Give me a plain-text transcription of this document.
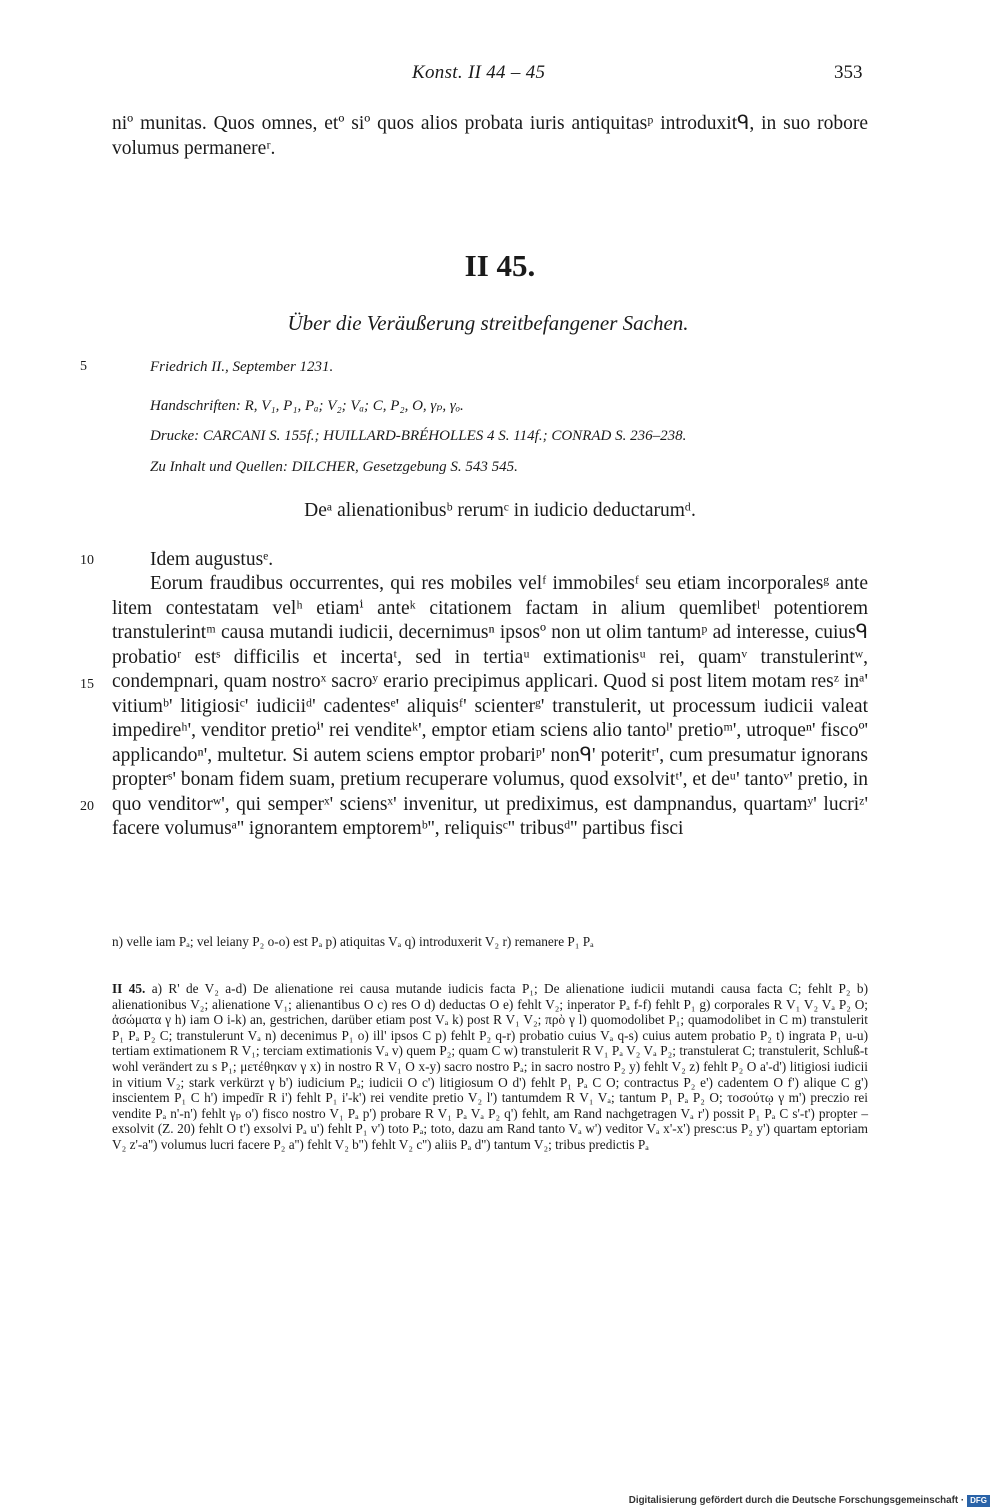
Konst. II 44 – 45	353

niº munitas. Quos omnes, etº siº quos alios probata iuris antiquitasᵖ introduxitᑫ, in suo robore volumus permanereʳ.

II 45.
Über die Veräußerung streitbefangener Sachen.
5	Friedrich II., September 1231.
Handschriften: R, V₁, P₁, Pₐ; V₂; Vₐ; C, P₂, O, γₚ, γₒ.
Drucke: CARCANI S. 155f.; HUILLARD-BRÉHOLLES 4 S. 114f.; CONRAD S. 236–238.
Zu Inhalt und Quellen: DILCHER, Gesetzgebung S. 543 545.
Deᵃ alienationibusᵇ rerumᶜ in iudicio deductarumᵈ.
10	Idem augustusᵉ.
15
20

Eorum fraudibus occurrentes, qui res mobiles velᶠ immobilesᶠ seu etiam incorporalesᵍ ante litem contestatam velʰ etiamⁱ anteᵏ citationem factam in alium quemlibetˡ potentiorem transtulerintᵐ causa mutandi iudicii, decernimusⁿ ipsosº non ut olim tantumᵖ ad interesse, cuiusᑫ probatioʳ estˢ difficilis et incertaᵗ, sed in tertiaᵘ extimationisᵘ rei, quamᵛ transtulerintʷ, condempnari, quam nostroˣ sacroʸ erario precipimus applicari. Quod si post litem motam resᶻ inᵃ' vitiumᵇ' litigiosiᶜ' iudiciiᵈ' cadentesᵉ' aliquisᶠ' scienterᵍ' transtulerit, ut processum iudicii valeat impedireʰ', venditor pretioⁱ' rei venditeᵏ', emptor etiam sciens alio tantoˡ' pretioᵐ', utroqueⁿ' fiscoº' applicandoⁿ', multetur. Si autem sciens emptor probariᵖ' nonᑫ' poteritʳ', cum presumatur ignorans propterˢ' bonam fidem suam, pretium recuperare volumus, quod exsolvitᵗ', et deᵘ' tantoᵛ' pretio, in quo venditorʷ', qui semperˣ' sciensˣ' invenitur, ut prediximus, est dampnandus, quartamʸ' lucriᶻ' facere volumusᵃ'' ignorantem emptoremᵇ'', reliquisᶜ'' tribusᵈ'' partibus fisci

n) velle iam Pₐ; vel leiany P₂ o-o) est Pₐ p) atiquitas Vₐ q) introduxerit V₂ r) remanere P₁ Pₐ

II 45. a) R' de V₂ a-d) De alienatione rei causa mutande iudicis facta P₁; De alienatione iudicii mutandi causa facta C; fehlt P₂ b) alienationibus V₂; alienatione V₁; alienantibus O c) res O d) deductas O e) fehlt V₂; inperator Pₐ f-f) fehlt P₁ g) corporales R V₁ V₂ Vₐ P₂ O; ἀσώματα γ h) iam O i-k) an, gestrichen, darüber etiam post Vₐ k) post R V₁ V₂; πρὸ γ l) quomodolibet P₁; quamodolibet in C m) transtulerit P₁ Pₐ P₂ C; transtulerunt Vₐ n) decenimus P₁ o) ill' ipsos C p) fehlt P₂ q-r) probatio cuius Vₐ q-s) cuius autem probatio P₂ t) ingrata P₁ u-u) tertiam extimationem R V₁; terciam extimationis Vₐ v) quem P₂; quam C w) transtulerit R V₁ Pₐ V₂ Vₐ P₂; transtulerat C; transtulerit, Schluß-t wohl verändert zu s P₁; μετέθηκαν γ x) in nostro R V₁ O x-y) sacro nostro Pₐ; in sacro nostro P₂ y) fehlt V₂ z) fehlt P₂ O a'-d') litigiosi iudicii in vitium V₂; stark verkürzt γ b') iudicium Pₐ; iudicii O c') litigiosum O d') fehlt P₁ Pₐ C O; contractus P₂ e') cadentem O f') alique C g') inscientem P₁ C h') impedīr R i') fehlt P₁ i'-k') rei vendite pretio V₂ l') tantumdem R V₁ Vₐ; tantum P₁ Pₐ P₂ O; τοσούτῳ γ m') preczio rei vendite Pₐ n'-n') fehlt γₚ o') fisco nostro V₁ Pₐ p') probare R V₁ Pₐ Vₐ P₂ q') fehlt, am Rand nachgetragen Vₐ r') possit P₁ Pₐ C s'-t') propter – exsolvit (Z. 20) fehlt O t') exsolvi Pₐ u') fehlt P₁ v') toto Pₐ; toto, dazu am Rand tanto Vₐ w') veditor Vₐ x'-x') presc:us P₂ y') quartam eptoriam V₂ z'-a'') volumus lucri facere P₂ a'') fehlt V₂ b'') fehlt V₂ c'') aliis Pₐ d'') tantum V₂; tribus predictis Pₐ

Digitalisierung gefördert durch die Deutsche Forschungsgemeinschaft · DFG
